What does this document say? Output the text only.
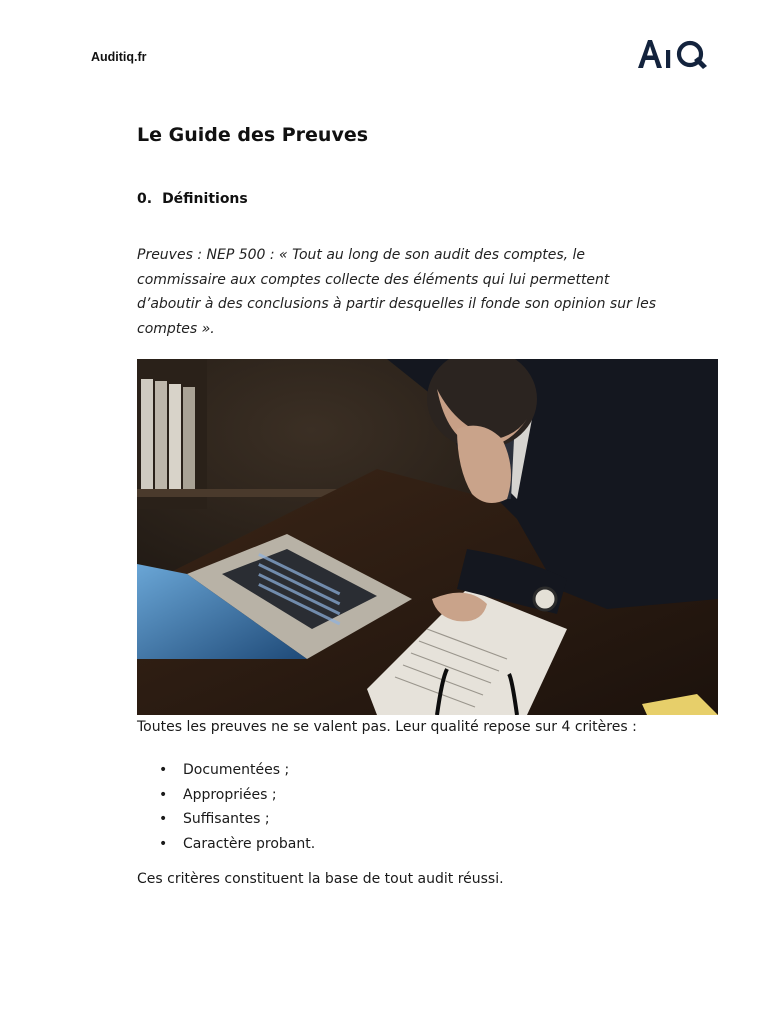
Auditiq.fr
Le Guide des Preuves
0. Définitions

Preuves : NEP 500 : « Tout au long de son audit des comptes, le commissaire aux comptes collecte des éléments qui lui permettent d’aboutir à des conclusions à partir desquelles il fonde son opinion sur les comptes ».

Toutes les preuves ne se valent pas. Leur qualité repose sur 4 critères :

• Documentées ;
• Appropriées ;
• Suffisantes ;
• Caractère probant.

Ces critères constituent la base de tout audit réussi.
